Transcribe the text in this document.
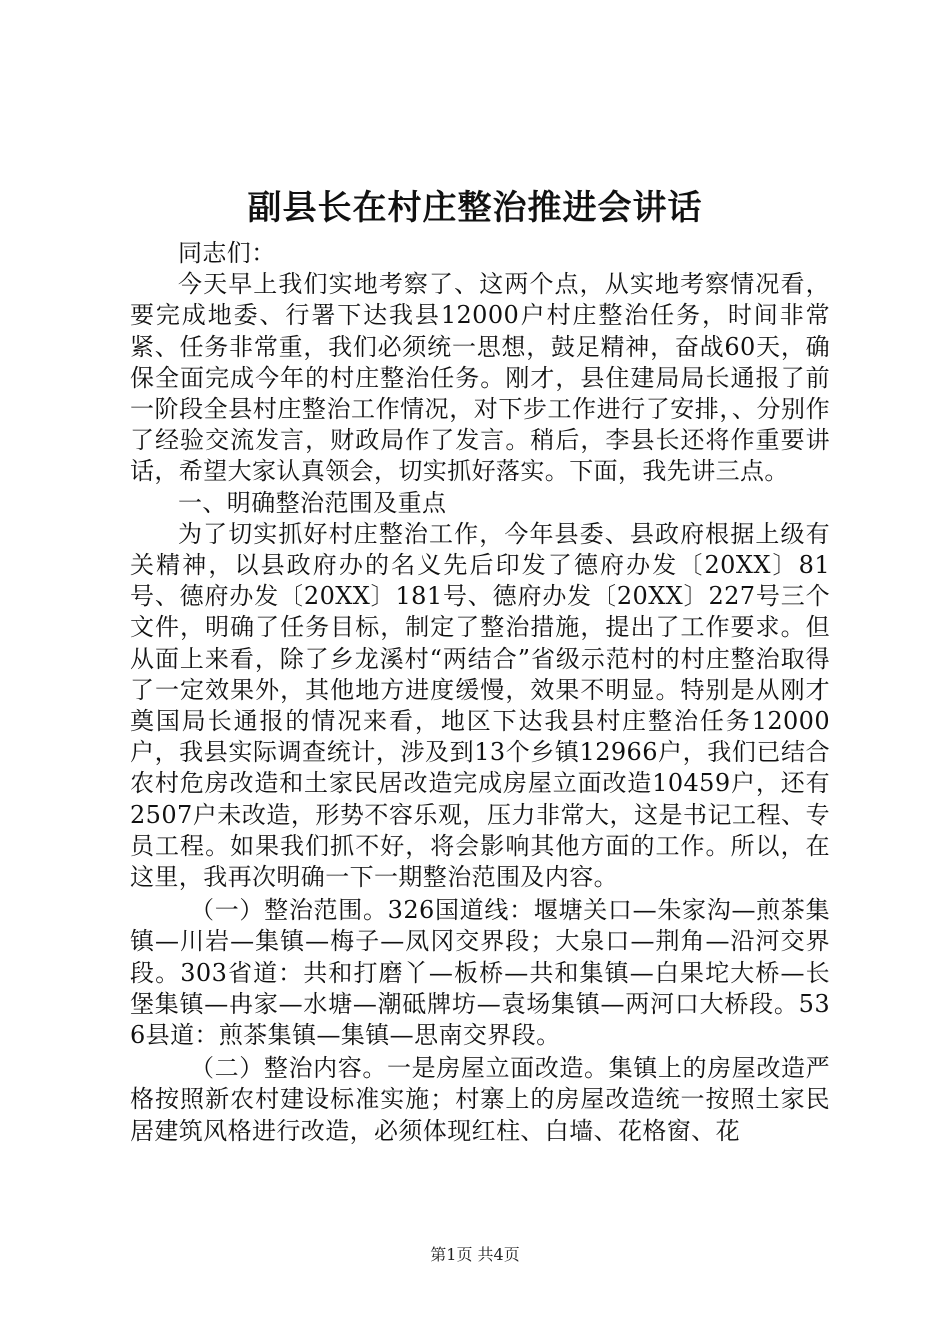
副县长在村庄整治推进会讲话

同志们：

今天早上我们实地考察了、这两个点，从实地考察情况看，要完成地委、行署下达我县12000户村庄整治任务，时间非常紧、任务非常重，我们必须统一思想，鼓足精神，奋战60天，确保全面完成今年的村庄整治任务。刚才，县住建局局长通报了前一阶段全县村庄整治工作情况，对下步工作进行了安排，、分别作了经验交流发言，财政局作了发言。稍后，李县长还将作重要讲话，希望大家认真领会，切实抓好落实。下面，我先讲三点。

一、明确整治范围及重点

为了切实抓好村庄整治工作，今年县委、县政府根据上级有关精神，以县政府办的名义先后印发了德府办发〔20XX〕81号、德府办发〔20XX〕181号、德府办发〔20XX〕227号三个文件，明确了任务目标，制定了整治措施，提出了工作要求。但从面上来看，除了乡龙溪村“两结合”省级示范村的村庄整治取得了一定效果外，其他地方进度缓慢，效果不明显。特别是从刚才奠国局长通报的情况来看，地区下达我县村庄整治任务12000户，我县实际调查统计，涉及到13个乡镇12966户，我们已结合农村危房改造和土家民居改造完成房屋立面改造10459户，还有2507户未改造，形势不容乐观，压力非常大，这是书记工程、专员工程。如果我们抓不好，将会影响其他方面的工作。所以，在这里，我再次明确一下一期整治范围及内容。

（一）整治范围。326国道线：堰塘关口—朱家沟—煎茶集镇—川岩—集镇—梅子—凤冈交界段；大泉口—荆角—沿河交界段。303省道：共和打磨丫—板桥—共和集镇—白果坨大桥—长堡集镇—冉家—水塘—潮砥牌坊—袁场集镇—两河口大桥段。536县道：煎茶集镇—集镇—思南交界段。

（二）整治内容。一是房屋立面改造。集镇上的房屋改造严格按照新农村建设标准实施；村寨上的房屋改造统一按照土家民居建筑风格进行改造，必须体现红柱、白墙、花格窗、花

第1页 共4页
